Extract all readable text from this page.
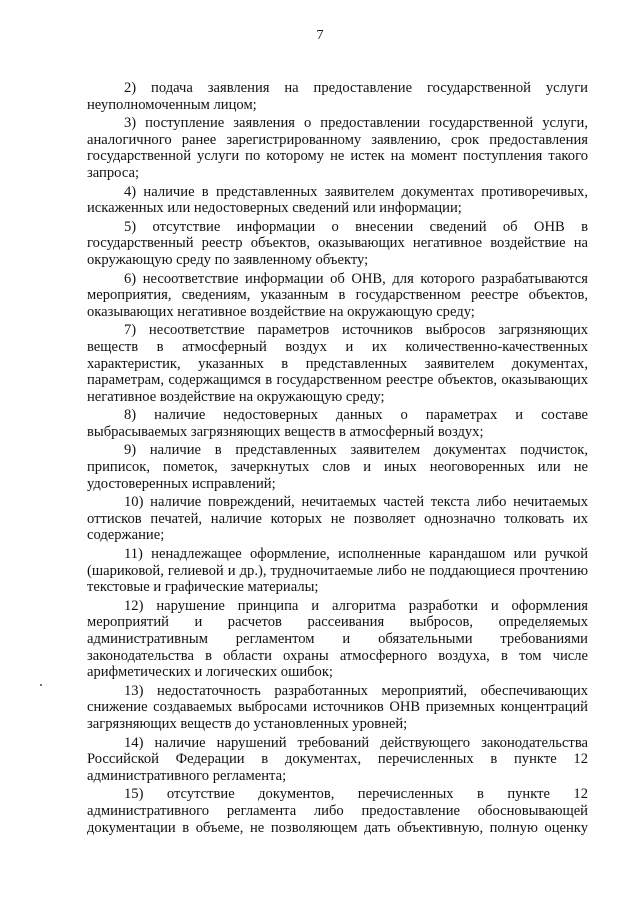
7

2) подача заявления на предоставление государственной услуги неуполномоченным лицом;

3) поступление заявления о предоставлении государственной услуги, аналогичного ранее зарегистрированному заявлению, срок предоставления государственной услуги по которому не истек на момент поступления такого запроса;

4) наличие в представленных заявителем документах противоречивых, искаженных или недостоверных сведений или информации;

5) отсутствие информации о внесении сведений об ОНВ в государственный реестр объектов, оказывающих негативное воздействие на окружающую среду по заявленному объекту;

6) несоответствие информации об ОНВ, для которого разрабатываются мероприятия, сведениям, указанным в государственном реестре объектов, оказывающих негативное воздействие на окружающую среду;

7) несоответствие параметров источников выбросов загрязняющих веществ в атмосферный воздух и их количественно-качественных характеристик, указанных в представленных заявителем документах, параметрам, содержащимся в государственном реестре объектов, оказывающих негативное воздействие на окружающую среду;

8) наличие недостоверных данных о параметрах и составе выбрасываемых загрязняющих веществ в атмосферный воздух;

9) наличие в представленных заявителем документах подчисток, приписок, пометок, зачеркнутых слов и иных неоговоренных или не удостоверенных исправлений;

10) наличие повреждений, нечитаемых частей текста либо нечитаемых оттисков печатей, наличие которых не позволяет однозначно толковать их содержание;

11) ненадлежащее оформление, исполненные карандашом или ручкой (шариковой, гелиевой и др.), трудночитаемые либо не поддающиеся прочтению текстовые и графические материалы;

12) нарушение принципа и алгоритма разработки и оформления мероприятий и расчетов рассеивания выбросов, определяемых административным регламентом и обязательными требованиями законодательства в области охраны атмосферного воздуха, в том числе арифметических и логических ошибок;

13) недостаточность разработанных мероприятий, обеспечивающих снижение создаваемых выбросами источников ОНВ приземных концентраций загрязняющих веществ до установленных уровней;

14) наличие нарушений требований действующего законодательства Российской Федерации в документах, перечисленных в пункте 12 административного регламента;

15) отсутствие документов, перечисленных в пункте 12 административного регламента либо предоставление обосновывающей документации в объеме, не позволяющем дать объективную, полную оценку
